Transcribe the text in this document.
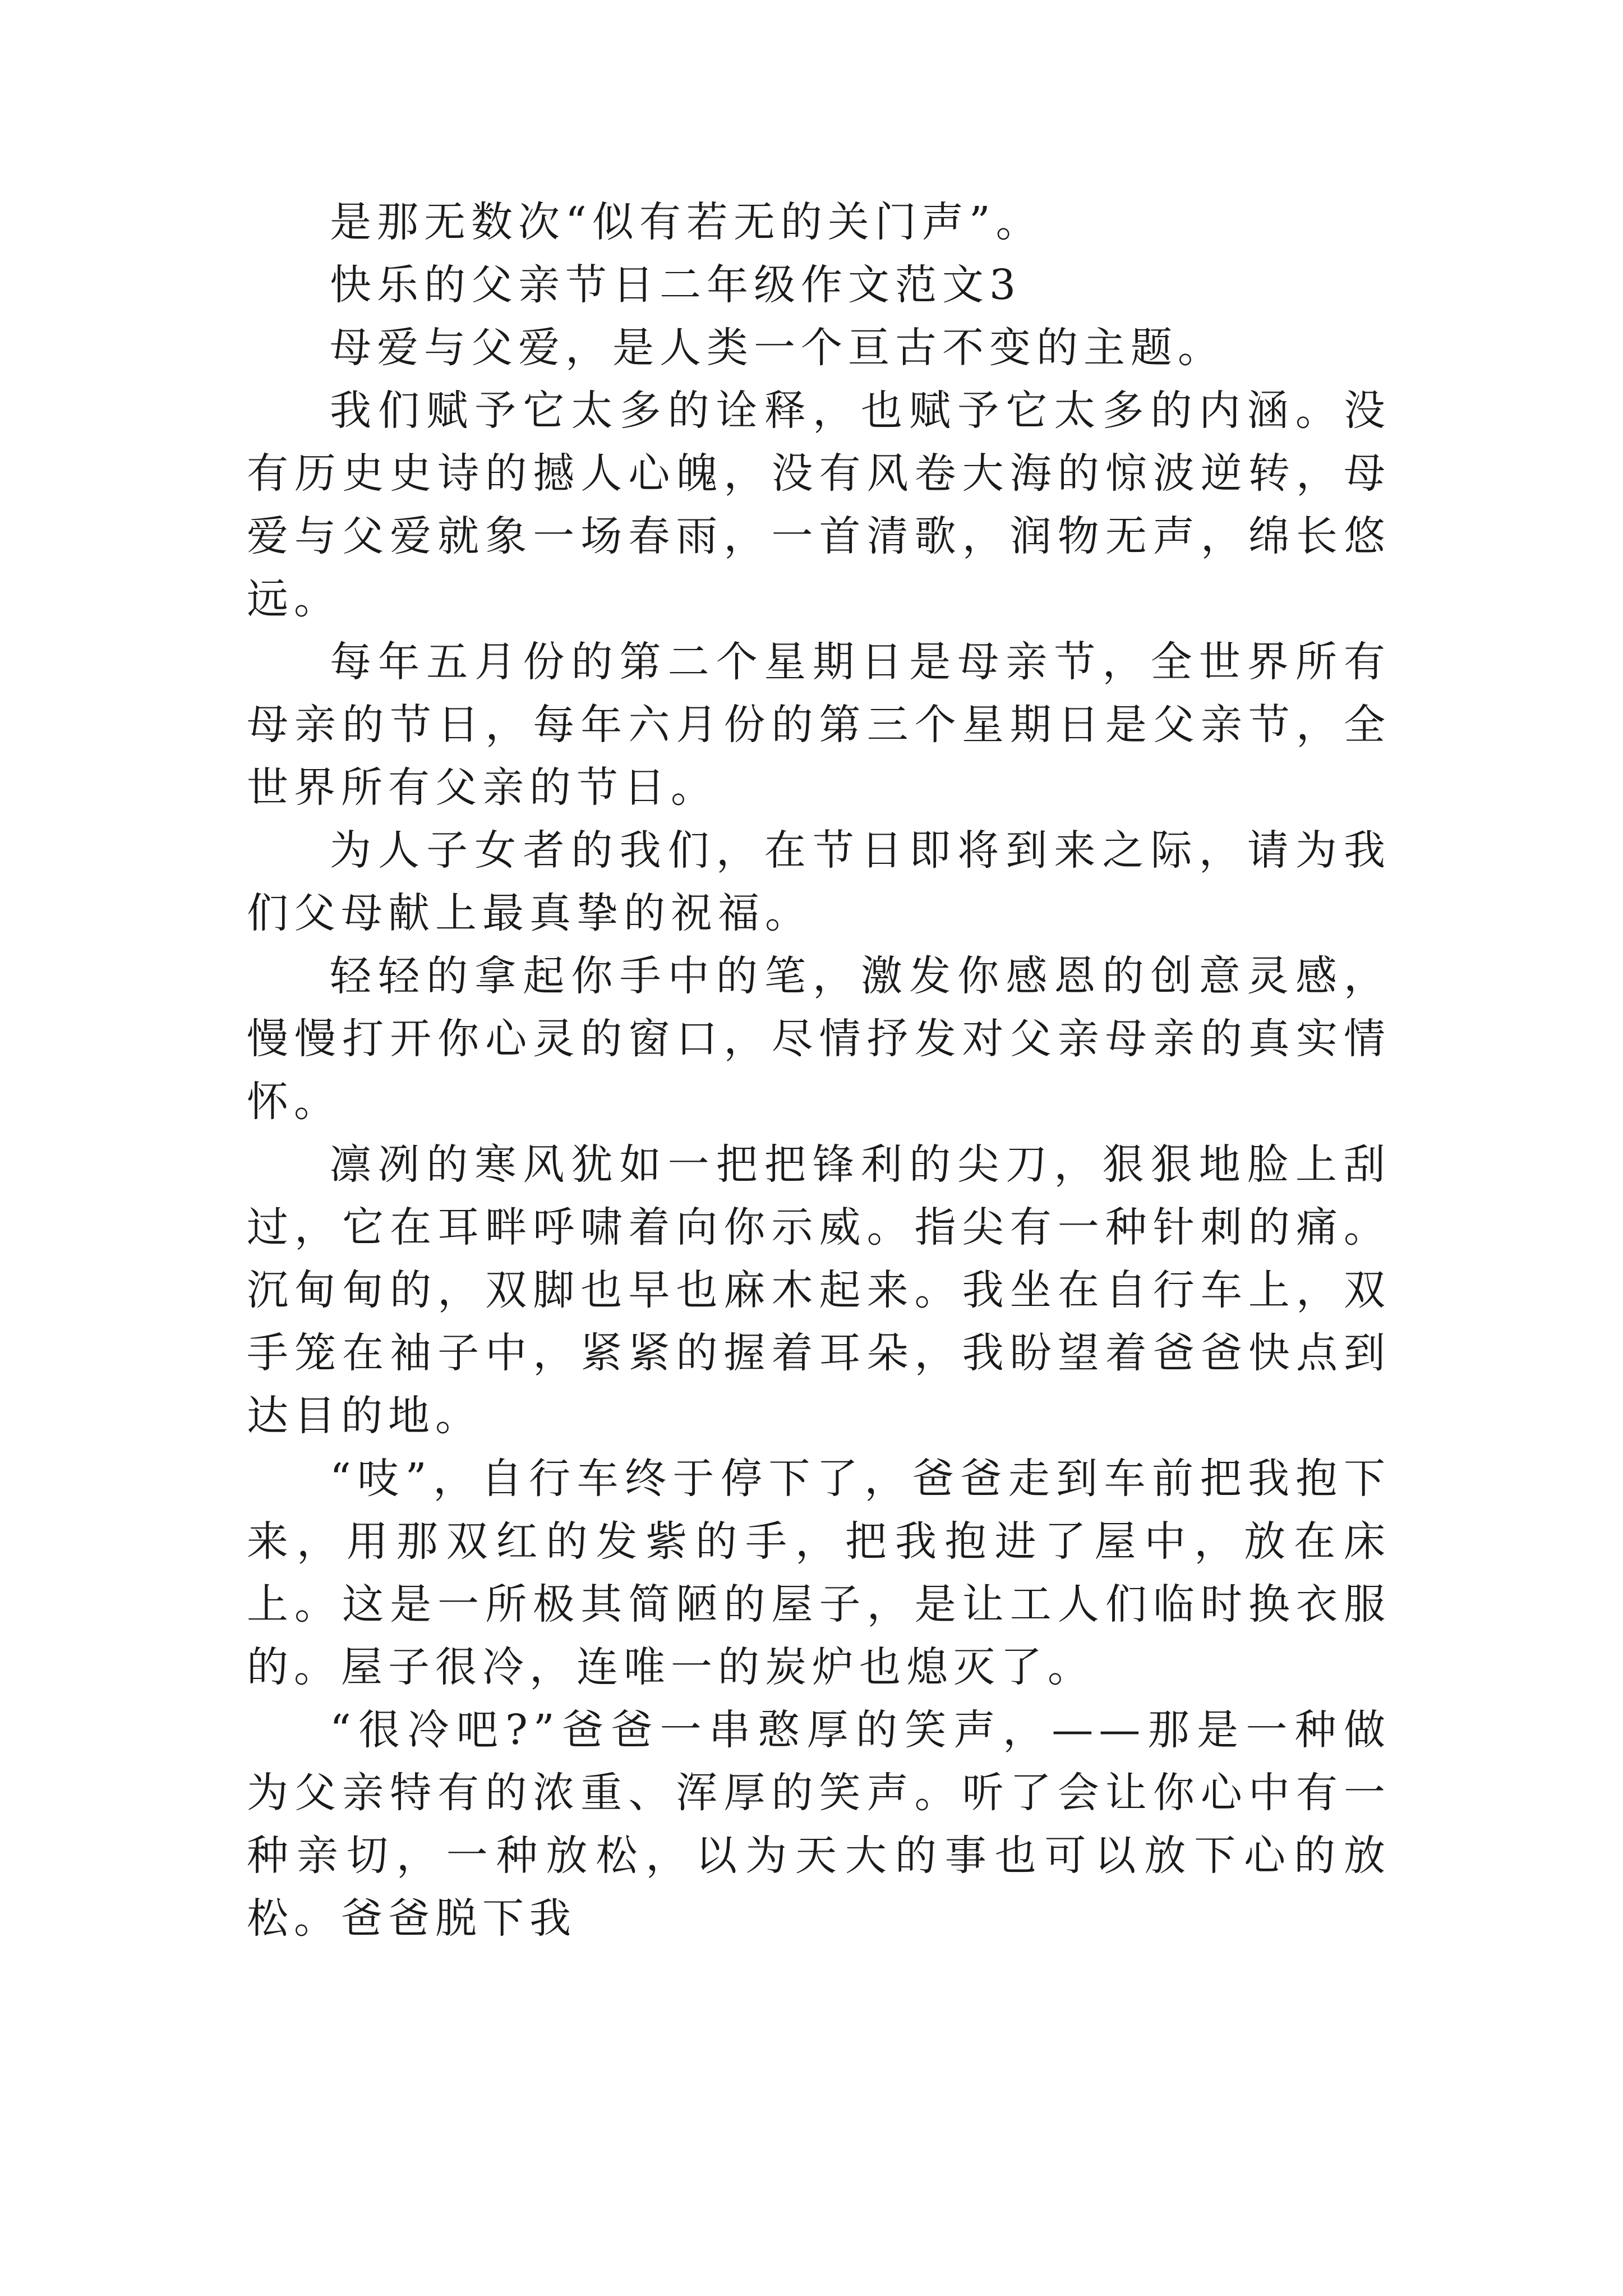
是那无数次“似有若无的关门声”。

快乐的父亲节日二年级作文范文3

母爱与父爱，是人类一个亘古不变的主题。

我们赋予它太多的诠释，也赋予它太多的内涵。没有历史史诗的撼人心魄，没有风卷大海的惊波逆转，母爱与父爱就象一场春雨，一首清歌，润物无声，绵长悠远。

每年五月份的第二个星期日是母亲节，全世界所有母亲的节日，每年六月份的第三个星期日是父亲节，全世界所有父亲的节日。

为人子女者的我们，在节日即将到来之际，请为我们父母献上最真挚的祝福。

轻轻的拿起你手中的笔，激发你感恩的创意灵感，慢慢打开你心灵的窗口，尽情抒发对父亲母亲的真实情怀。

凛冽的寒风犹如一把把锋利的尖刀，狠狠地脸上刮过，它在耳畔呼啸着向你示威。指尖有一种针刺的痛。沉甸甸的，双脚也早也麻木起来。我坐在自行车上，双手笼在袖子中，紧紧的握着耳朵，我盼望着爸爸快点到达目的地。

“吱”，自行车终于停下了，爸爸走到车前把我抱下来，用那双红的发紫的手，把我抱进了屋中，放在床上。这是一所极其简陋的屋子，是让工人们临时换衣服的。屋子很冷，连唯一的炭炉也熄灭了。

“很冷吧?”爸爸一串憨厚的笑声，——那是一种做为父亲特有的浓重、浑厚的笑声。听了会让你心中有一种亲切，一种放松，以为天大的事也可以放下心的放松。爸爸脱下我
